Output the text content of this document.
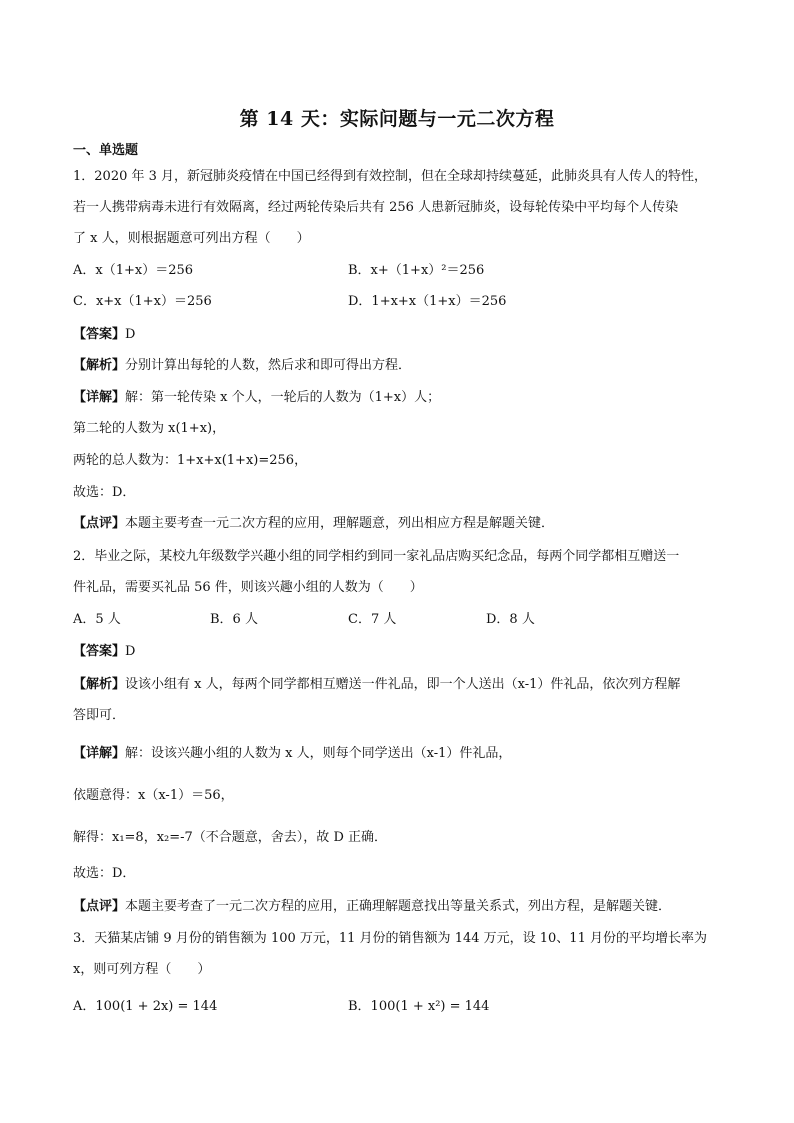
第 14 天：实际问题与一元二次方程
一、单选题
1．2020 年 3 月，新冠肺炎疫情在中国已经得到有效控制，但在全球却持续蔓延，此肺炎具有人传人的特性，
若一人携带病毒未进行有效隔离，经过两轮传染后共有 256 人患新冠肺炎，设每轮传染中平均每个人传染
了 x 人，则根据题意可列出方程（　　）
A．x（1+x）＝256	B．x+（1+x）²＝256
C．x+x（1+x）＝256	D．1+x+x（1+x）＝256
【答案】D
【解析】分别计算出每轮的人数，然后求和即可得出方程．
【详解】解：第一轮传染 x 个人，一轮后的人数为（1+x）人；
第二轮的人数为 x(1+x)，
两轮的总人数为：1+x+x(1+x)=256，
故选：D．
【点评】本题主要考查一元二次方程的应用，理解题意，列出相应方程是解题关键．
2．毕业之际，某校九年级数学兴趣小组的同学相约到同一家礼品店购买纪念品，每两个同学都相互赠送一
件礼品，需要买礼品 56 件，则该兴趣小组的人数为（　　）
A．5 人	B．6 人	C．7 人	D．8 人
【答案】D
【解析】设该小组有 x 人，每两个同学都相互赠送一件礼品，即一个人送出（x-1）件礼品，依次列方程解
答即可．
【详解】解：设该兴趣小组的人数为 x 人，则每个同学送出（x-1）件礼品，
依题意得：x（x-1）＝56，
解得：x₁=8，x₂=-7（不合题意，舍去），故 D 正确．
故选：D．
【点评】本题主要考查了一元二次方程的应用，正确理解题意找出等量关系式，列出方程，是解题关键．
3．天猫某店铺 9 月份的销售额为 100 万元，11 月份的销售额为 144 万元，设 10、11 月份的平均增长率为
x，则可列方程（　　）
A．100(1 + 2x) = 144	B．100(1 + x²) = 144
